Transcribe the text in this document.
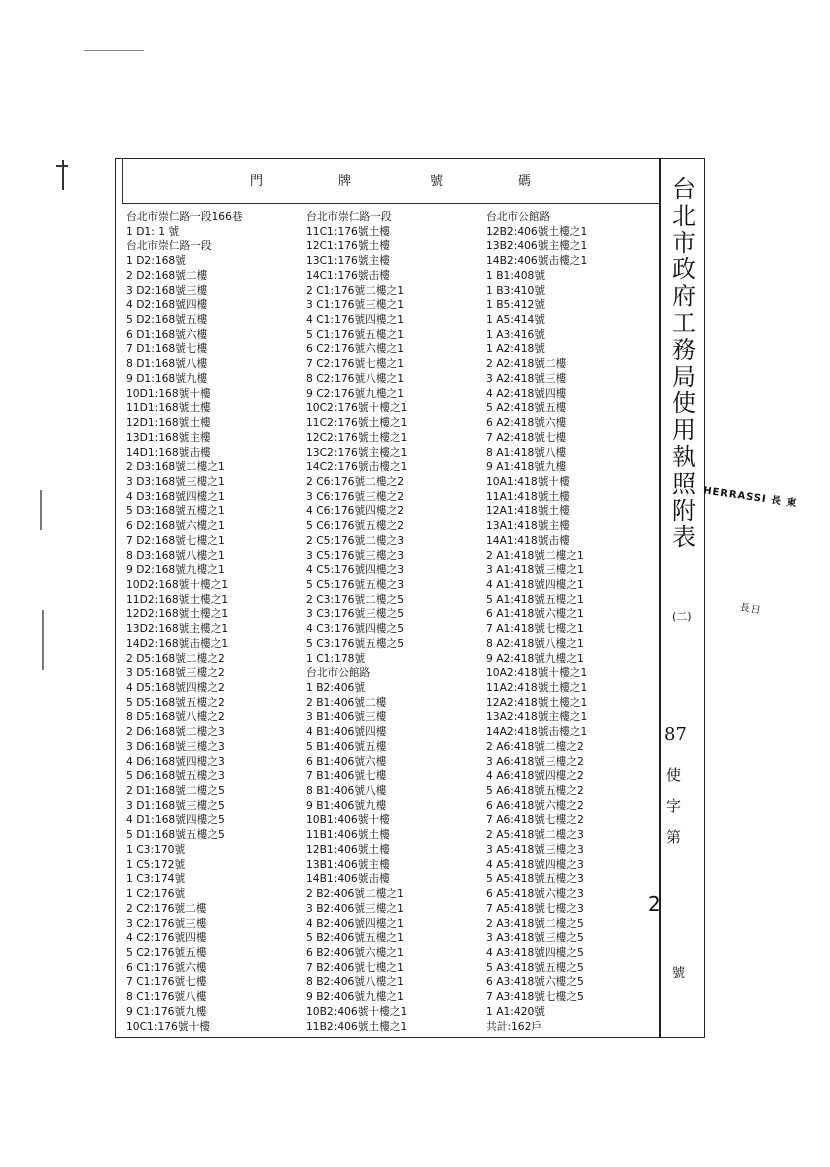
門	牌	號	碼
台北市崇仁路一段166巷
1 D1: 1 號
台北市崇仁路一段
1 D2:168號
2 D2:168號二樓
3 D2:168號三樓
4 D2:168號四樓
5 D2:168號五樓
6 D1:168號六樓
7 D1:168號七樓
8 D1:168號八樓
9 D1:168號九樓
10D1:168號十樓
11D1:168號土樓
12D1:168號土樓
13D1:168號主樓
14D1:168號击樓
2 D3:168號二樓之1
3 D3:168號三樓之1
4 D3:168號四樓之1
5 D3:168號五樓之1
6 D2:168號六樓之1
7 D2:168號七樓之1
8 D3:168號八樓之1
9 D2:168號九樓之1
10D2:168號十樓之1
11D2:168號土樓之1
12D2:168號土樓之1
13D2:168號主樓之1
14D2:168號击樓之1
2 D5:168號二樓之2
3 D5:168號三樓之2
4 D5:168號四樓之2
5 D5:168號五樓之2
8 D5:168號八樓之2
2 D6:168號二樓之3
3 D6:168號三樓之3
4 D6:168號四樓之3
5 D6:168號五樓之3
2 D1:168號二樓之5
3 D1:168號三樓之5
4 D1:168號四樓之5
5 D1:168號五樓之5
1 C3:170號
1 C5:172號
1 C3:174號
1 C2:176號
2 C2:176號二樓
3 C2:176號三樓
4 C2:176號四樓
5 C2:176號五樓
6 C1:176號六樓
7 C1:176號七樓
8 C1:176號八樓
9 C1:176號九樓
10C1:176號十樓
台北市崇仁路一段
11C1:176號土樓
12C1:176號土樓
13C1:176號主樓
14C1:176號击樓
2 C1:176號二樓之1
3 C1:176號三樓之1
4 C1:176號四樓之1
5 C1:176號五樓之1
6 C2:176號六樓之1
7 C2:176號七樓之1
8 C2:176號八樓之1
9 C2:176號九樓之1
10C2:176號十樓之1
11C2:176號土樓之1
12C2:176號土樓之1
13C2:176號主樓之1
14C2:176號击樓之1
2 C6:176號二樓之2
3 C6:176號三樓之2
4 C6:176號四樓之2
5 C6:176號五樓之2
2 C5:176號二樓之3
3 C5:176號三樓之3
4 C5:176號四樓之3
5 C5:176號五樓之3
2 C3:176號二樓之5
3 C3:176號三樓之5
4 C3:176號四樓之5
5 C3:176號五樓之5
1 C1:178號
台北市公館路
1 B2:406號
2 B1:406號二樓
3 B1:406號三樓
4 B1:406號四樓
5 B1:406號五樓
6 B1:406號六樓
7 B1:406號七樓
8 B1:406號八樓
9 B1:406號九樓
10B1:406號十樓
11B1:406號土樓
12B1:406號土樓
13B1:406號主樓
14B1:406號击樓
2 B2:406號二樓之1
3 B2:406號三樓之1
4 B2:406號四樓之1
5 B2:406號五樓之1
6 B2:406號六樓之1
7 B2:406號七樓之1
8 B2:406號八樓之1
9 B2:406號九樓之1
10B2:406號十樓之1
11B2:406號土樓之1
台北市公館路
12B2:406號土樓之1
13B2:406號主樓之1
14B2:406號击樓之1
1 B1:408號
1 B3:410號
1 B5:412號
1 A5:414號
1 A3:416號
1 A2:418號
2 A2:418號二樓
3 A2:418號三樓
4 A2:418號四樓
5 A2:418號五樓
6 A2:418號六樓
7 A2:418號七樓
8 A1:418號八樓
9 A1:418號九樓
10A1:418號十樓
11A1:418號土樓
12A1:418號土樓
13A1:418號主樓
14A1:418號击樓
2 A1:418號二樓之1
3 A1:418號三樓之1
4 A1:418號四樓之1
5 A1:418號五樓之1
6 A1:418號六樓之1
7 A1:418號七樓之1
8 A2:418號八樓之1
9 A2:418號九樓之1
10A2:418號十樓之1
11A2:418號土樓之1
12A2:418號土樓之1
13A2:418號主樓之1
14A2:418號击樓之1
2 A6:418號二樓之2
3 A6:418號三樓之2
4 A6:418號四樓之2
5 A6:418號五樓之2
6 A6:418號六樓之2
7 A6:418號七樓之2
2 A5:418號二樓之3
3 A5:418號三樓之3
4 A5:418號四樓之3
5 A5:418號五樓之3
6 A5:418號六樓之3
7 A5:418號七樓之3
2 A3:418號二樓之5
3 A3:418號三樓之5
4 A3:418號四樓之5
5 A3:418號五樓之5
6 A3:418號六樓之5
7 A3:418號七樓之5
1 A1:420號
共計:162戶
台
北
市
政
府
工
務
局
使
用
執
照
附
表
(二)
87
使
字
第
2
號
HERRASSI 長 東
長日
